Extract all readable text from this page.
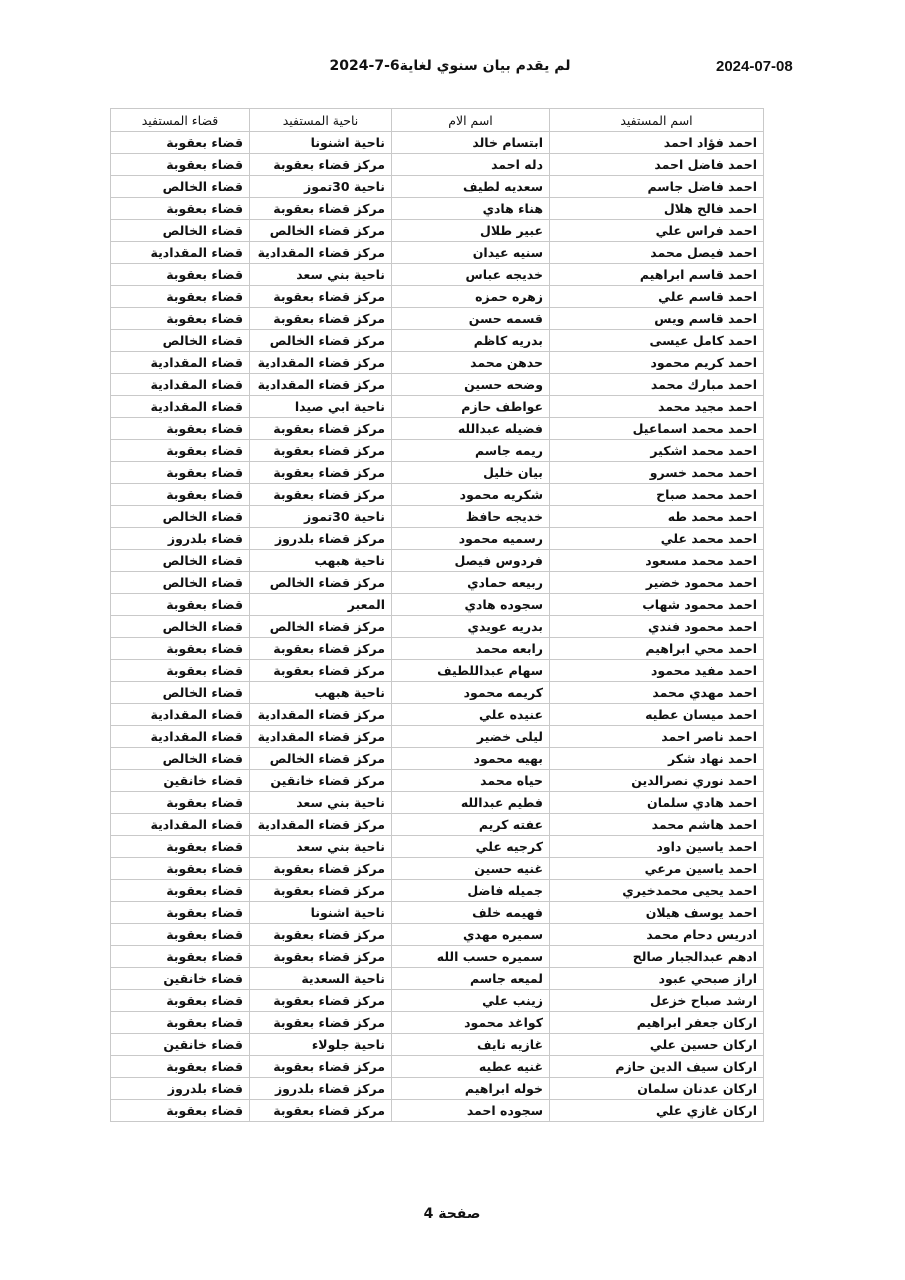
2024-07-08
لم يقدم بيان سنوي لغاية6-7-2024
اسم المستفيد	اسم الام	ناحية المستفيد	قضاء المستفيد
احمد فؤاد احمد	ابتسام خالد	ناحية اشنونا	قضاء بعقوبة
احمد فاضل احمد	دله احمد	مركز قضاء بعقوبة	قضاء بعقوبة
احمد فاضل جاسم	سعديه لطيف	ناحية 30تموز	قضاء الخالص
احمد فالح هلال	هناء هادي	مركز قضاء بعقوبة	قضاء بعقوبة
احمد فراس علي	عبير طلال	مركز قضاء الخالص	قضاء الخالص
احمد فيصل محمد	سنيه عيدان	مركز قضاء المقدادية	قضاء المقدادية
احمد قاسم ابراهيم	خديجه عباس	ناحية بني سعد	قضاء بعقوبة
احمد قاسم علي	زهره حمزه	مركز قضاء بعقوبة	قضاء بعقوبة
احمد قاسم ويس	قسمه حسن	مركز قضاء بعقوبة	قضاء بعقوبة
احمد كامل عيسى	بدريه كاظم	مركز قضاء الخالص	قضاء الخالص
احمد كريم محمود	حدهن محمد	مركز قضاء المقدادية	قضاء المقدادية
احمد مبارك محمد	وضحه حسين	مركز قضاء المقدادية	قضاء المقدادية
احمد مجيد محمد	عواطف حازم	ناحية ابي صيدا	قضاء المقدادية
احمد محمد اسماعيل	فضيله عبدالله	مركز قضاء بعقوبة	قضاء بعقوبة
احمد محمد اشكير	ريمه جاسم	مركز قضاء بعقوبة	قضاء بعقوبة
احمد محمد خسرو	بيان خليل	مركز قضاء بعقوبة	قضاء بعقوبة
احمد محمد صباح	شكريه محمود	مركز قضاء بعقوبة	قضاء بعقوبة
احمد محمد طه	خديجه حافظ	ناحية 30تموز	قضاء الخالص
احمد محمد علي	رسميه محمود	مركز قضاء بلدروز	قضاء بلدروز
احمد محمد مسعود	فردوس فيصل	ناحية هبهب	قضاء الخالص
احمد محمود خضير	ربيعه حمادي	مركز قضاء الخالص	قضاء الخالص
احمد محمود شهاب	سجوده هادي	المعبر	قضاء بعقوبة
احمد محمود فندي	بدريه عويدي	مركز قضاء الخالص	قضاء الخالص
احمد محي ابراهيم	رابعه محمد	مركز قضاء بعقوبة	قضاء بعقوبة
احمد مفيد محمود	سهام عبداللطيف	مركز قضاء بعقوبة	قضاء بعقوبة
احمد مهدي محمد	كريمه محمود	ناحية هبهب	قضاء الخالص
احمد ميسان عطيه	عنيده علي	مركز قضاء المقدادية	قضاء المقدادية
احمد ناصر احمد	ليلى خضير	مركز قضاء المقدادية	قضاء المقدادية
احمد نهاد شكر	بهيه محمود	مركز قضاء الخالص	قضاء الخالص
احمد نوري نصرالدين	حياه محمد	مركز قضاء خانقين	قضاء خانقين
احمد هادي سلمان	فطيم عبدالله	ناحية بني سعد	قضاء بعقوبة
احمد هاشم محمد	عفته كريم	مركز قضاء المقدادية	قضاء المقدادية
احمد ياسين داود	كرجيه علي	ناحية بني سعد	قضاء بعقوبة
احمد ياسين مرعي	غنيه حسين	مركز قضاء بعقوبة	قضاء بعقوبة
احمد يحيى محمدخيري	جميله فاضل	مركز قضاء بعقوبة	قضاء بعقوبة
احمد يوسف هيلان	فهيمه خلف	ناحية اشنونا	قضاء بعقوبة
ادريس دحام محمد	سميره مهدي	مركز قضاء بعقوبة	قضاء بعقوبة
ادهم عبدالجبار صالح	سميره حسب الله	مركز قضاء بعقوبة	قضاء بعقوبة
اراز صبحي عبود	لميعه جاسم	ناحية السعدية	قضاء خانقين
ارشد صباح خزعل	زينب علي	مركز قضاء بعقوبة	قضاء بعقوبة
اركان جعفر ابراهيم	كواغد محمود	مركز قضاء بعقوبة	قضاء بعقوبة
اركان حسين علي	غازيه نايف	ناحية جلولاء	قضاء خانقين
اركان سيف الدين حازم	غنيه عطيه	مركز قضاء بعقوبة	قضاء بعقوبة
اركان عدنان سلمان	خوله ابراهيم	مركز قضاء بلدروز	قضاء بلدروز
اركان غازي علي	سجوده احمد	مركز قضاء بعقوبة	قضاء بعقوبة
صفحة 4
